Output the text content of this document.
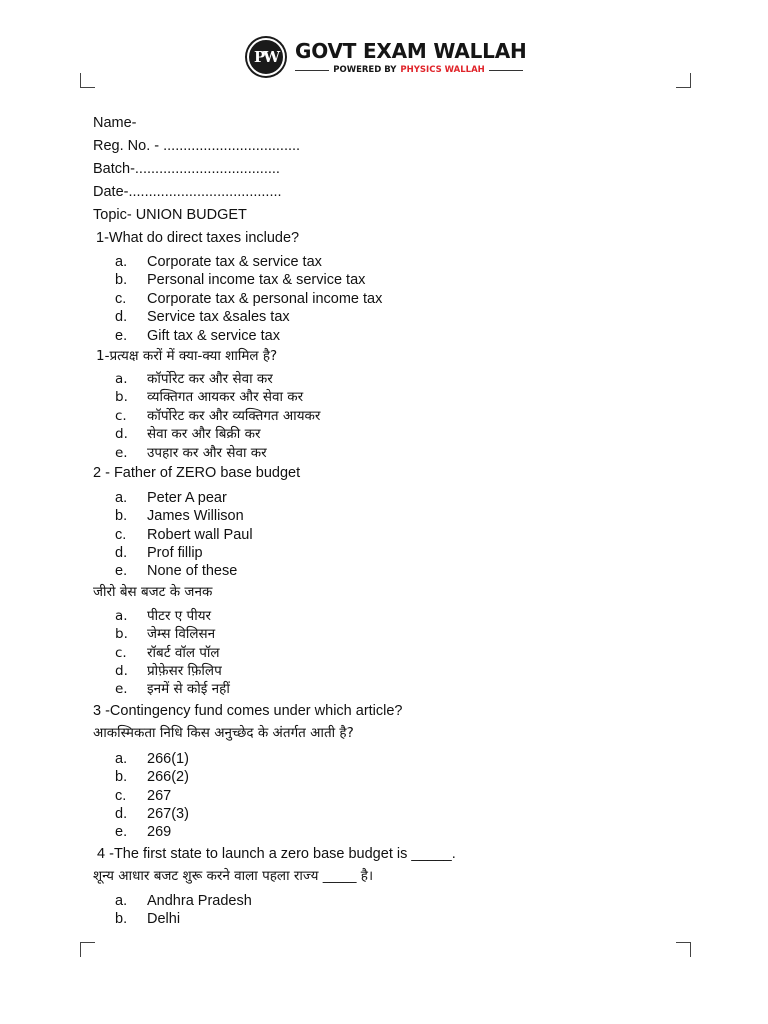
PW GOVT EXAM WALLAH
POWERED BY PHYSICS WALLAH
Name-
Reg. No. - ..................................
Batch-....................................
Date-......................................
Topic- UNION BUDGET
1-What do direct taxes include?
a.	Corporate tax & service tax
b.	Personal income tax & service tax
c.	Corporate tax & personal income tax
d.	Service tax &sales tax
e.	Gift tax & service tax
1-प्रत्यक्ष करों में क्या-क्या शामिल है?
a.	कॉर्पोरेट कर और सेवा कर
b.	व्यक्तिगत आयकर और सेवा कर
c.	कॉर्पोरेट कर और व्यक्तिगत आयकर
d.	सेवा कर और बिक्री कर
e.	उपहार कर और सेवा कर
2 - Father of ZERO base budget
a.	Peter A pear
b.	James Willison
c.	Robert wall Paul
d.	Prof fillip
e.	None of these
जीरो बेस बजट के जनक
a.	पीटर ए पीयर
b.	जेम्स विलिसन
c.	रॉबर्ट वॉल पॉल
d.	प्रोफ़ेसर फ़िलिप
e.	इनमें से कोई नहीं
3 -Contingency fund comes under which article?
आकस्मिकता निधि किस अनुच्छेद के अंतर्गत आती है?
a.	266(1)
b.	266(2)
c.	267
d.	267(3)
e.	269
4 -The first state to launch a zero base budget is _____.
शून्य आधार बजट शुरू करने वाला पहला राज्य _____ है।
a.	Andhra Pradesh
b.	Delhi
